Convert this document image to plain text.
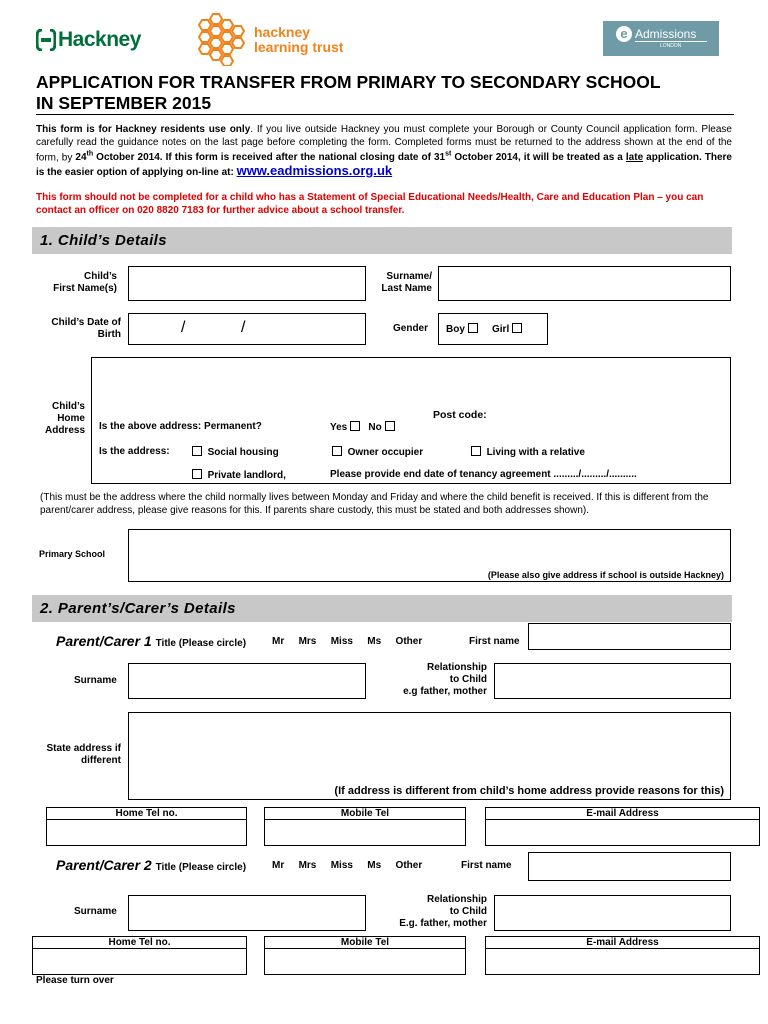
Hackney	hackney
learning trust
e Admissions
LONDON
APPLICATION FOR TRANSFER FROM PRIMARY TO SECONDARY SCHOOL
IN SEPTEMBER 2015
This form is for Hackney residents use only. If you live outside Hackney you must complete your Borough or County Council application form. Please carefully read the guidance notes on the last page before completing the form. Completed forms must be returned to the address shown at the end of the form, by 24th October 2014. If this form is received after the national closing date of 31st October 2014, it will be treated as a late application. There is the easier option of applying on-line at: www.eadmissions.org.uk
This form should not be completed for a child who has a Statement of Special Educational Needs/Health, Care and Education Plan – you can contact an officer on 020 8820 7183 for further advice about a school transfer.
1. Child’s Details
Child’s
First Name(s)
Surname/
Last Name
Child’s Date of
Birth	/	/	Gender Boy	Girl
Child’s
Home
Address
Post code:
Is the above address: Permanent?	Yes No
Is the address:	Social housing	Owner occupier	Living with a relative
Private landlord,	Please provide end date of tenancy agreement ........./........./..........
(This must be the address where the child normally lives between Monday and Friday and where the child benefit is received. If this is different from the parent/carer address, please give reasons for this. If parents share custody, this must be stated and both addresses shown).
Primary School
(Please also give address if school is outside Hackney)
2. Parent’s/Carer’s Details
Parent/Carer 1 Title (Please circle)	Mr Mrs Miss Ms Other	First name
Surname
Relationship
to Child
e.g father, mother
State address if
different
(If address is different from child’s home address provide reasons for this)
Home Tel no.	Mobile Tel	E-mail Address
Parent/Carer 2 Title (Please circle)	Mr Mrs Miss Ms Other	First name
Surname
Relationship
to Child
E.g. father, mother
Home Tel no.	Mobile Tel	E-mail Address
Please turn over
